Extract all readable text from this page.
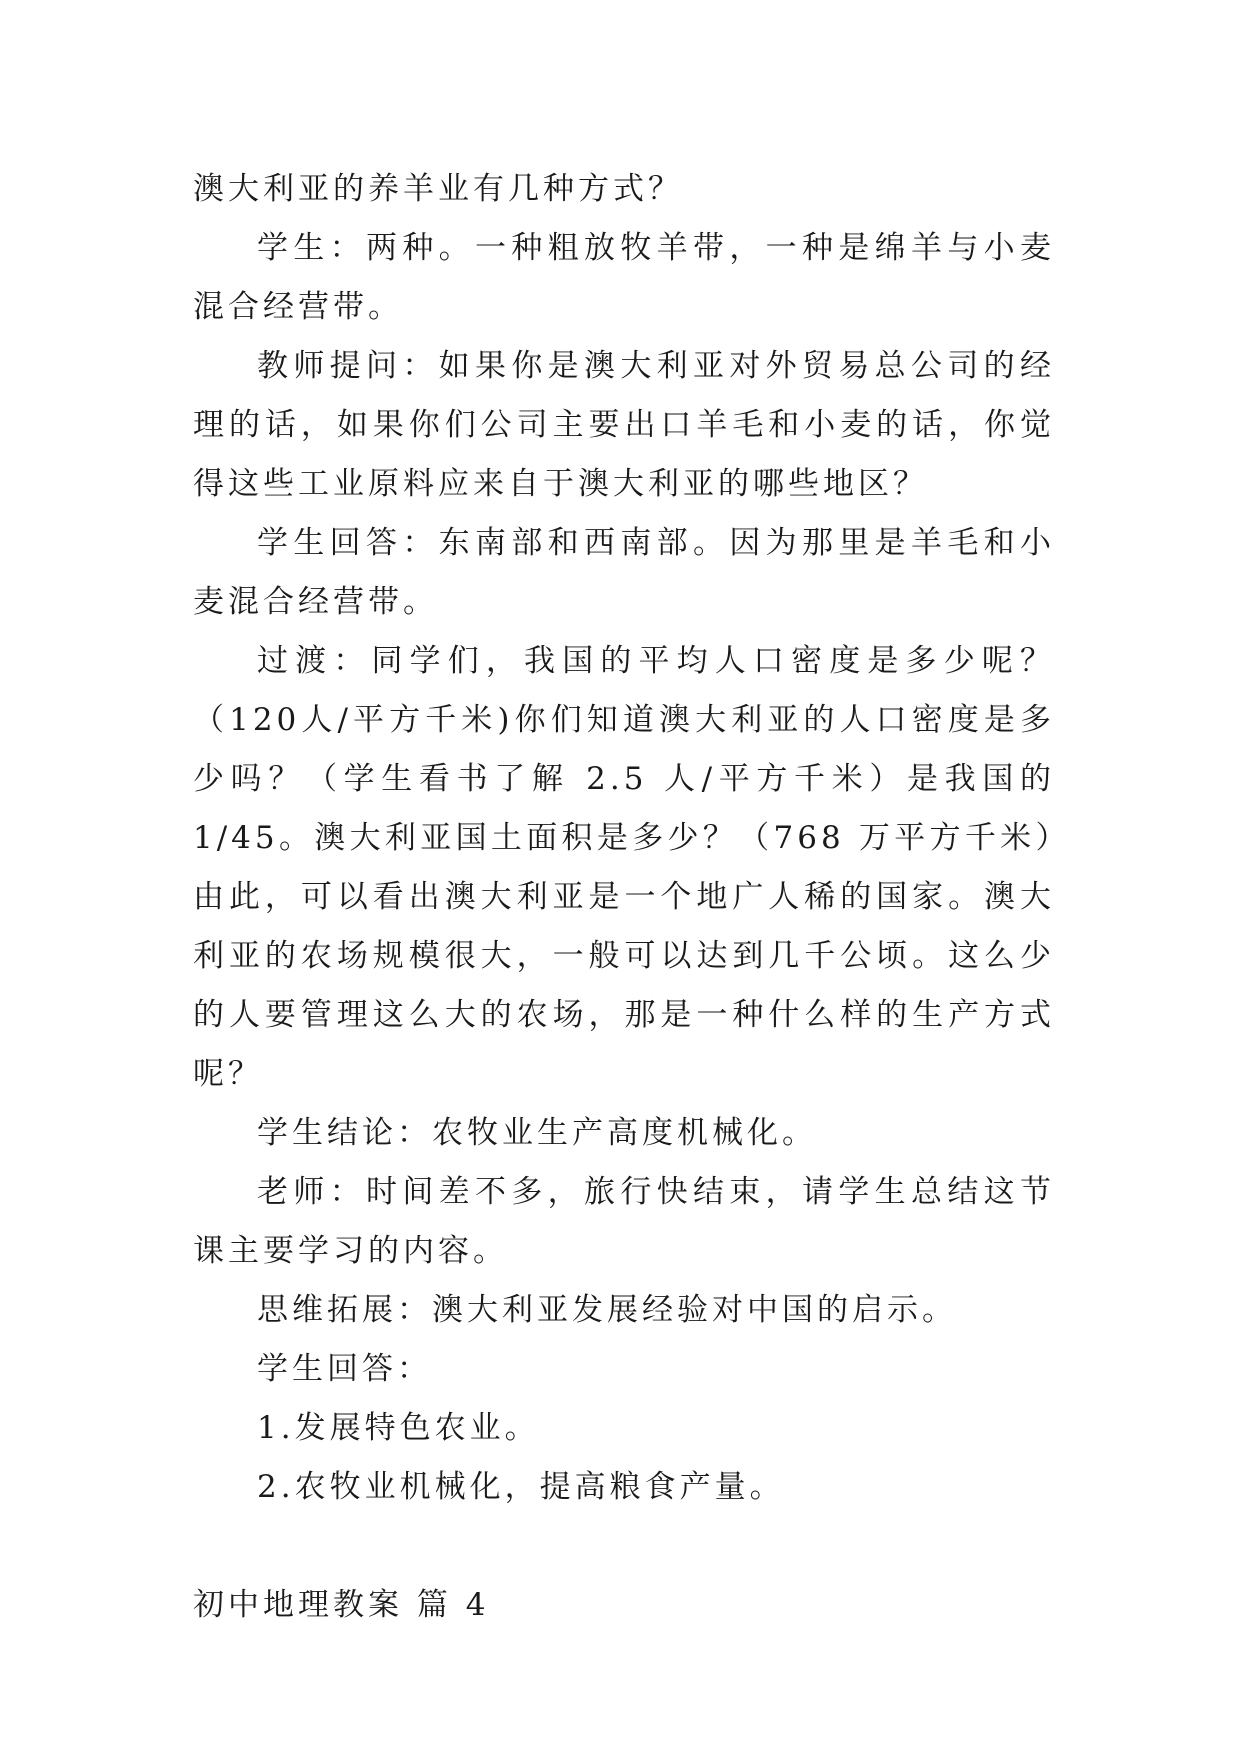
澳大利亚的养羊业有几种方式？

学生：两种。一种粗放牧羊带，一种是绵羊与小麦混合经营带。

教师提问：如果你是澳大利亚对外贸易总公司的经理的话，如果你们公司主要出口羊毛和小麦的话，你觉得这些工业原料应来自于澳大利亚的哪些地区？

学生回答：东南部和西南部。因为那里是羊毛和小麦混合经营带。

过渡：同学们，我国的平均人口密度是多少呢？（120人/平方千米)你们知道澳大利亚的人口密度是多少吗？（学生看书了解 2.5 人/平方千米）是我国的 1/45。澳大利亚国土面积是多少？（768 万平方千米）由此，可以看出澳大利亚是一个地广人稀的国家。澳大利亚的农场规模很大，一般可以达到几千公顷。这么少的人要管理这么大的农场，那是一种什么样的生产方式呢？

学生结论：农牧业生产高度机械化。

老师：时间差不多，旅行快结束，请学生总结这节课主要学习的内容。

思维拓展：澳大利亚发展经验对中国的启示。

学生回答：

1.发展特色农业。

2.农牧业机械化，提高粮食产量。

初中地理教案 篇 4
